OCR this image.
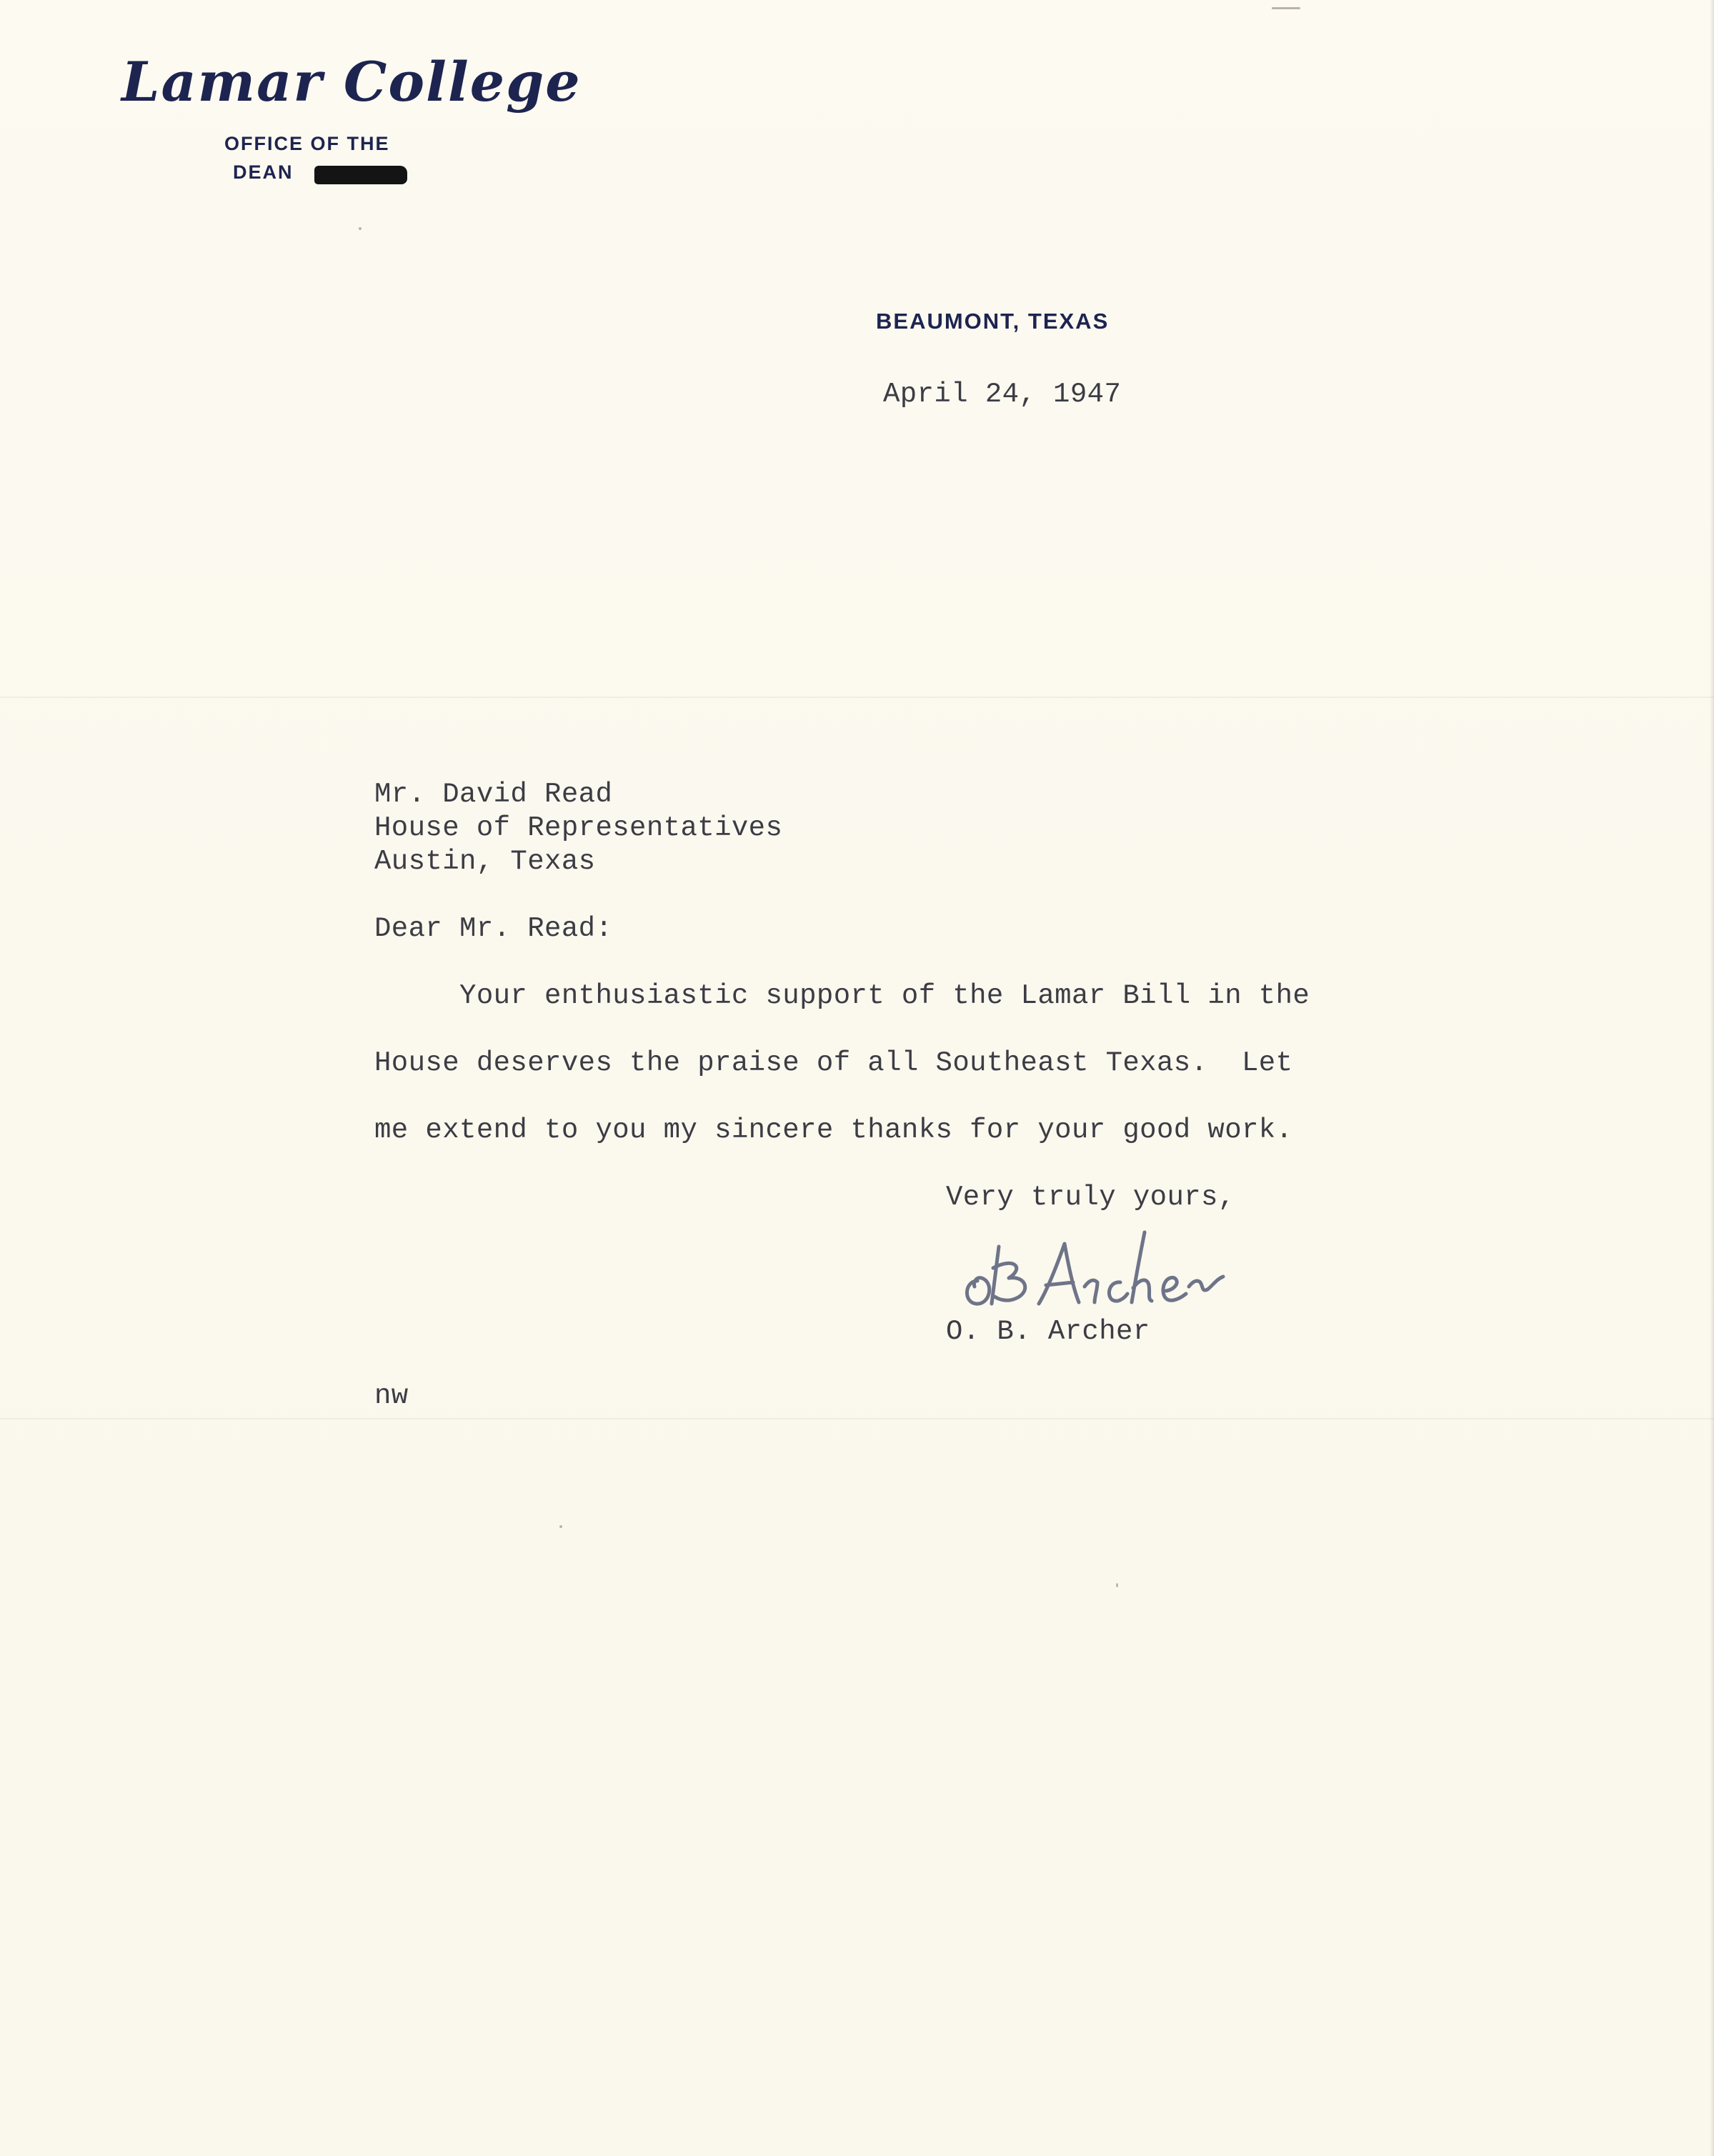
Lamar College
OFFICE OF THE
DEAN
BEAUMONT, TEXAS
April 24, 1947
Mr. David Read
House of Representatives
Austin, Texas
Dear Mr. Read:
Your enthusiastic support of the Lamar Bill in the
House deserves the praise of all Southeast Texas.  Let
me extend to you my sincere thanks for your good work.
Very truly yours,
O. B. Archer
nw
